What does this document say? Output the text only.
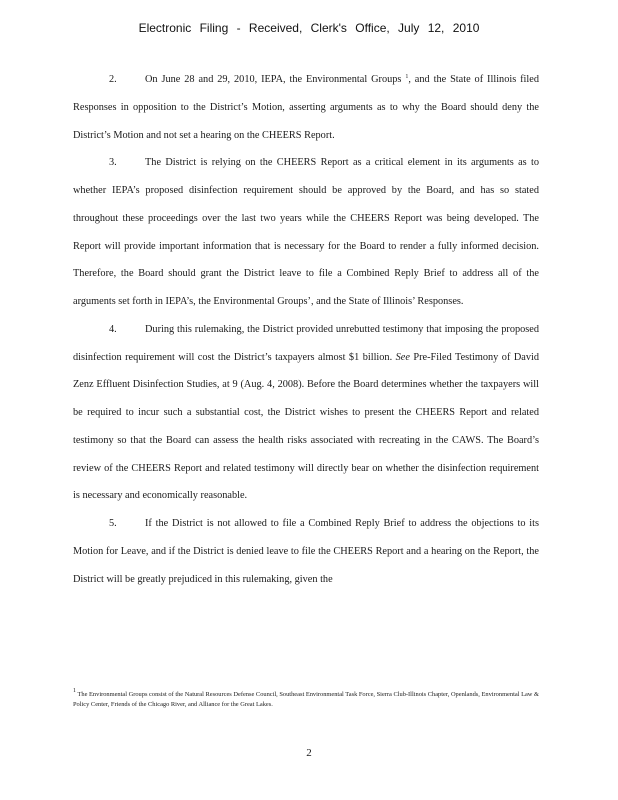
Electronic Filing - Received, Clerk's Office, July 12, 2010

2.	On June 28 and 29, 2010, IEPA, the Environmental Groups $^1$, and the State of Illinois filed Responses in opposition to the District’s Motion, asserting arguments as to why the Board should deny the District’s Motion and not set a hearing on the CHEERS Report.

3.	The District is relying on the CHEERS Report as a critical element in its arguments as to whether IEPA’s proposed disinfection requirement should be approved by the Board, and has so stated throughout these proceedings over the last two years while the CHEERS Report was being developed. The Report will provide important information that is necessary for the Board to render a fully informed decision. Therefore, the Board should grant the District leave to file a Combined Reply Brief to address all of the arguments set forth in IEPA’s, the Environmental Groups’, and the State of Illinois’ Responses.

4.	During this rulemaking, the District provided unrebutted testimony that imposing the proposed disinfection requirement will cost the District’s taxpayers almost $1 billion. See Pre-Filed Testimony of David Zenz Effluent Disinfection Studies, at 9 (Aug. 4, 2008). Before the Board determines whether the taxpayers will be required to incur such a substantial cost, the District wishes to present the CHEERS Report and related testimony so that the Board can assess the health risks associated with recreating in the CAWS. The Board’s review of the CHEERS Report and related testimony will directly bear on whether the disinfection requirement is necessary and economically reasonable.

5.	If the District is not allowed to file a Combined Reply Brief to address the objections to its Motion for Leave, and if the District is denied leave to file the CHEERS Report and a hearing on the Report, the District will be greatly prejudiced in this rulemaking, given the

$^1$ The Environmental Groups consist of the Natural Resources Defense Council, Southeast Environmental Task Force, Sierra Club-Illinois Chapter, Openlands, Environmental Law & Policy Center, Friends of the Chicago River, and Alliance for the Great Lakes.
2
